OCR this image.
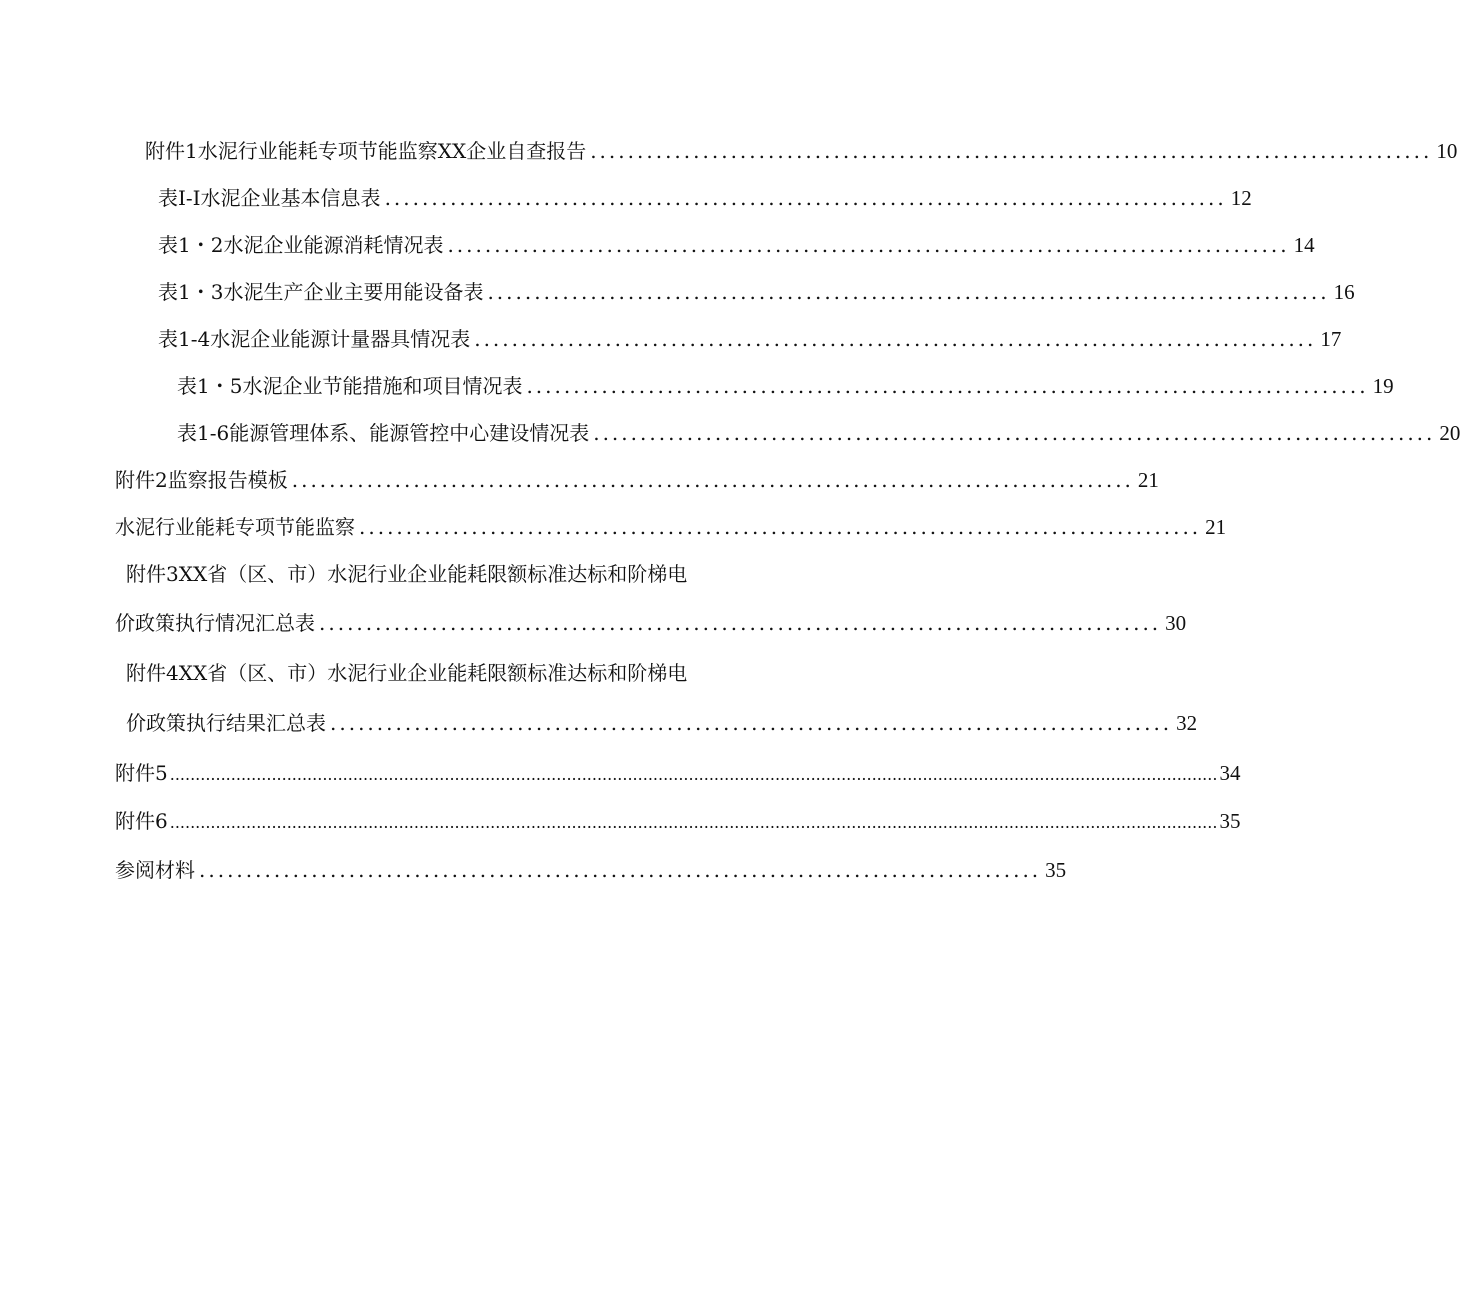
附件1水泥行业能耗专项节能监察XX企业自查报告 .......................................................................................... 10
表I-I水泥企业基本信息表 .......................................................................................... 12
表1・2水泥企业能源消耗情况表 .......................................................................................... 14
表1・3水泥生产企业主要用能设备表 .......................................................................................... 16
表1-4水泥企业能源计量器具情况表 .......................................................................................... 17
表1・5水泥企业节能措施和项目情况表 .......................................................................................... 19
表1-6能源管理体系、能源管控中心建设情况表 .......................................................................................... 20
附件2监察报告模板 .......................................................................................... 21
水泥行业能耗专项节能监察 .......................................................................................... 21
附件3XX省（区、市）水泥行业企业能耗限额标准达标和阶梯电
价政策执行情况汇总表 .......................................................................................... 30
附件4XX省（区、市）水泥行业企业能耗限额标准达标和阶梯电
价政策执行结果汇总表 .......................................................................................... 32
附件5 .............................................................................................................................................................................................................. 34
附件6 .............................................................................................................................................................................................................. 35
参阅材料 .......................................................................................... 35
